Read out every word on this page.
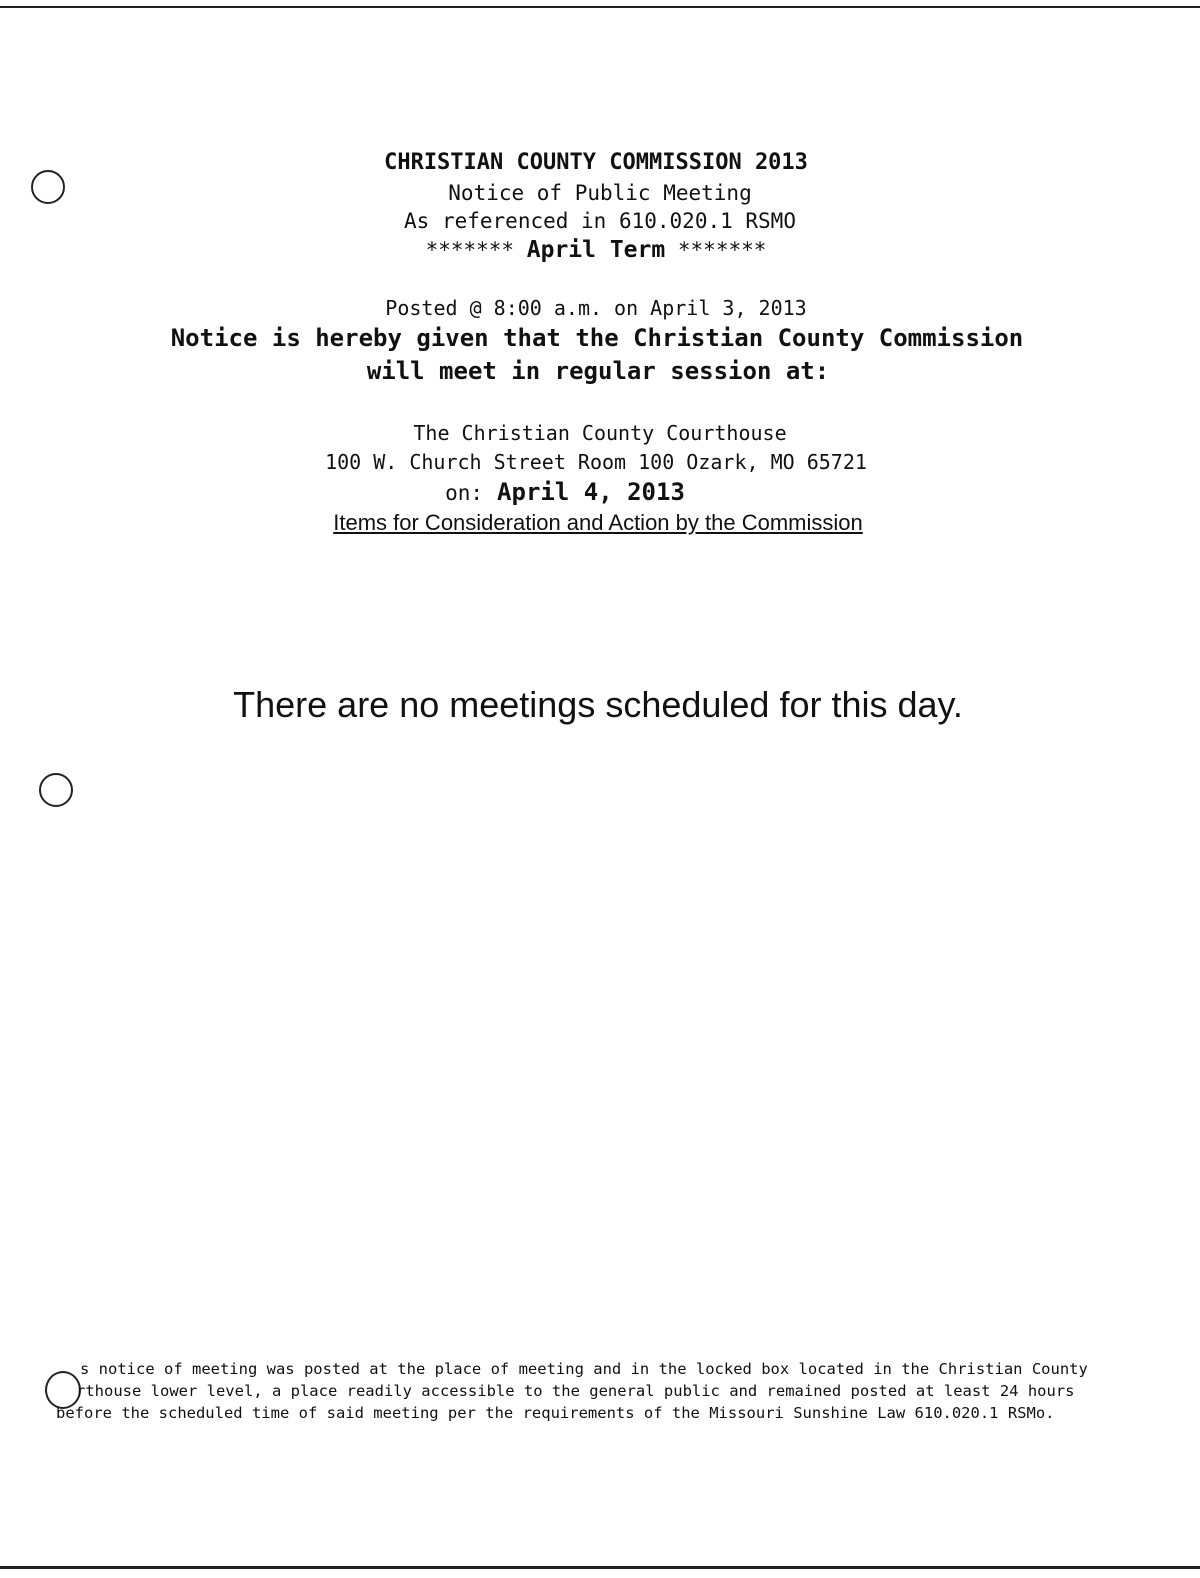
CHRISTIAN COUNTY COMMISSION 2013
Notice of Public Meeting
As referenced in 610.020.1 RSMO
******* April Term *******
Posted @ 8:00 a.m. on April 3, 2013
Notice is hereby given that the Christian County Commission
will meet in regular session at:
The Christian County Courthouse
100 W. Church Street Room 100 Ozark, MO 65721
on: April 4, 2013
Items for Consideration and Action by the Commission
There are no meetings scheduled for this day.

s notice of meeting was posted at the place of meeting and in the locked box located in the Christian County

rthouse lower level, a place readily accessible to the general public and remained posted at least 24 hours

before the scheduled time of said meeting per the requirements of the Missouri Sunshine Law 610.020.1 RSMo.
